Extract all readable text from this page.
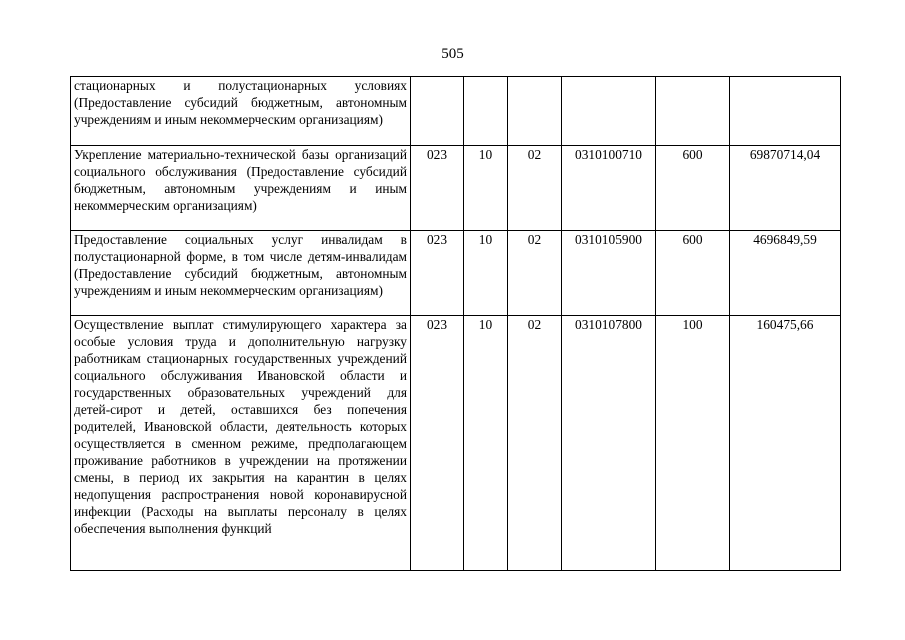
505
стационарных и полустационарных условиях (Предоставление субсидий бюджетным, автономным учреждениям и иным некоммерческим организациям)						
Укрепление материально-технической базы организаций социального обслуживания (Предоставление субсидий бюджетным, автономным учреждениям и иным некоммерческим организациям)	023	10	02	0310100710	600	69870714,04
Предоставление социальных услуг инвалидам в полустационарной форме, в том числе детям-инвалидам (Предоставление субсидий бюджетным, автономным учреждениям и иным некоммерческим организациям)	023	10	02	0310105900	600	4696849,59
Осуществление выплат стимулирующего характера за особые условия труда и дополнительную нагрузку работникам стационарных государственных учреждений социального обслуживания Ивановской области и государственных образовательных учреждений для детей-сирот и детей, оставшихся без попечения родителей, Ивановской области, деятельность которых осуществляется в сменном режиме, предполагающем проживание работников в учреждении на протяжении смены, в период их закрытия на карантин в целях недопущения распространения новой коронавирусной инфекции (Расходы на выплаты персоналу в целях обеспечения выполнения функций	023	10	02	0310107800	100	160475,66
